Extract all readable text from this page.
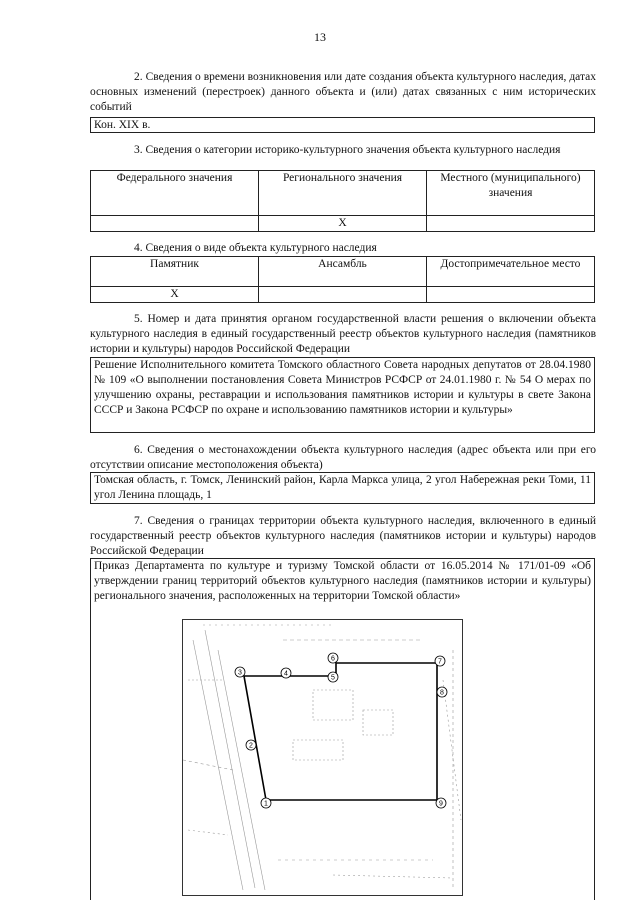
13
2. Сведения о времени возникновения или дате создания объекта культурного наследия, датах основных изменений (перестроек) данного объекта и (или) датах связанных с ним исторических событий
Кон. XIX в.
3. Сведения о категории историко-культурного значения объекта культурного наследия
Федерального значения	Регионального значения	Местного (муниципального) значения
	X	
4. Сведения о виде объекта культурного наследия
Памятник	Ансамбль	Достопримечательное место
X		
5. Номер и дата принятия органом государственной власти решения о включении объекта культурного наследия в единый государственный реестр объектов культурного наследия (памятников истории и культуры) народов Российской Федерации
Решение Исполнительного комитета Томского областного Совета народных депутатов от 28.04.1980 № 109 «О выполнении постановления Совета Министров РСФСР от 24.01.1980 г. № 54 О мерах по улучшению охраны, реставрации и использования памятников истории и культуры в свете Закона СССР и Закона РСФСР по охране и использованию памятников истории и культуры»
6. Сведения о местонахождении объекта культурного наследия (адрес объекта или при его отсутствии описание местоположения объекта)
Томская область, г. Томск, Ленинский район, Карла Маркса улица, 2 угол Набережная реки Томи, 11 угол Ленина площадь, 1
7. Сведения о границах территории объекта культурного наследия, включенного в единый государственный реестр объектов культурного наследия (памятников истории и культуры) народов Российской Федерации
Приказ Департамента по культуре и туризму Томской области от 16.05.2014 № 171/01-09 «Об утверждении границ территорий объектов культурного наследия (памятников истории и культуры) регионального значения, расположенных на территории Томской области»
1
2
3	4
5
6	7
8
9
